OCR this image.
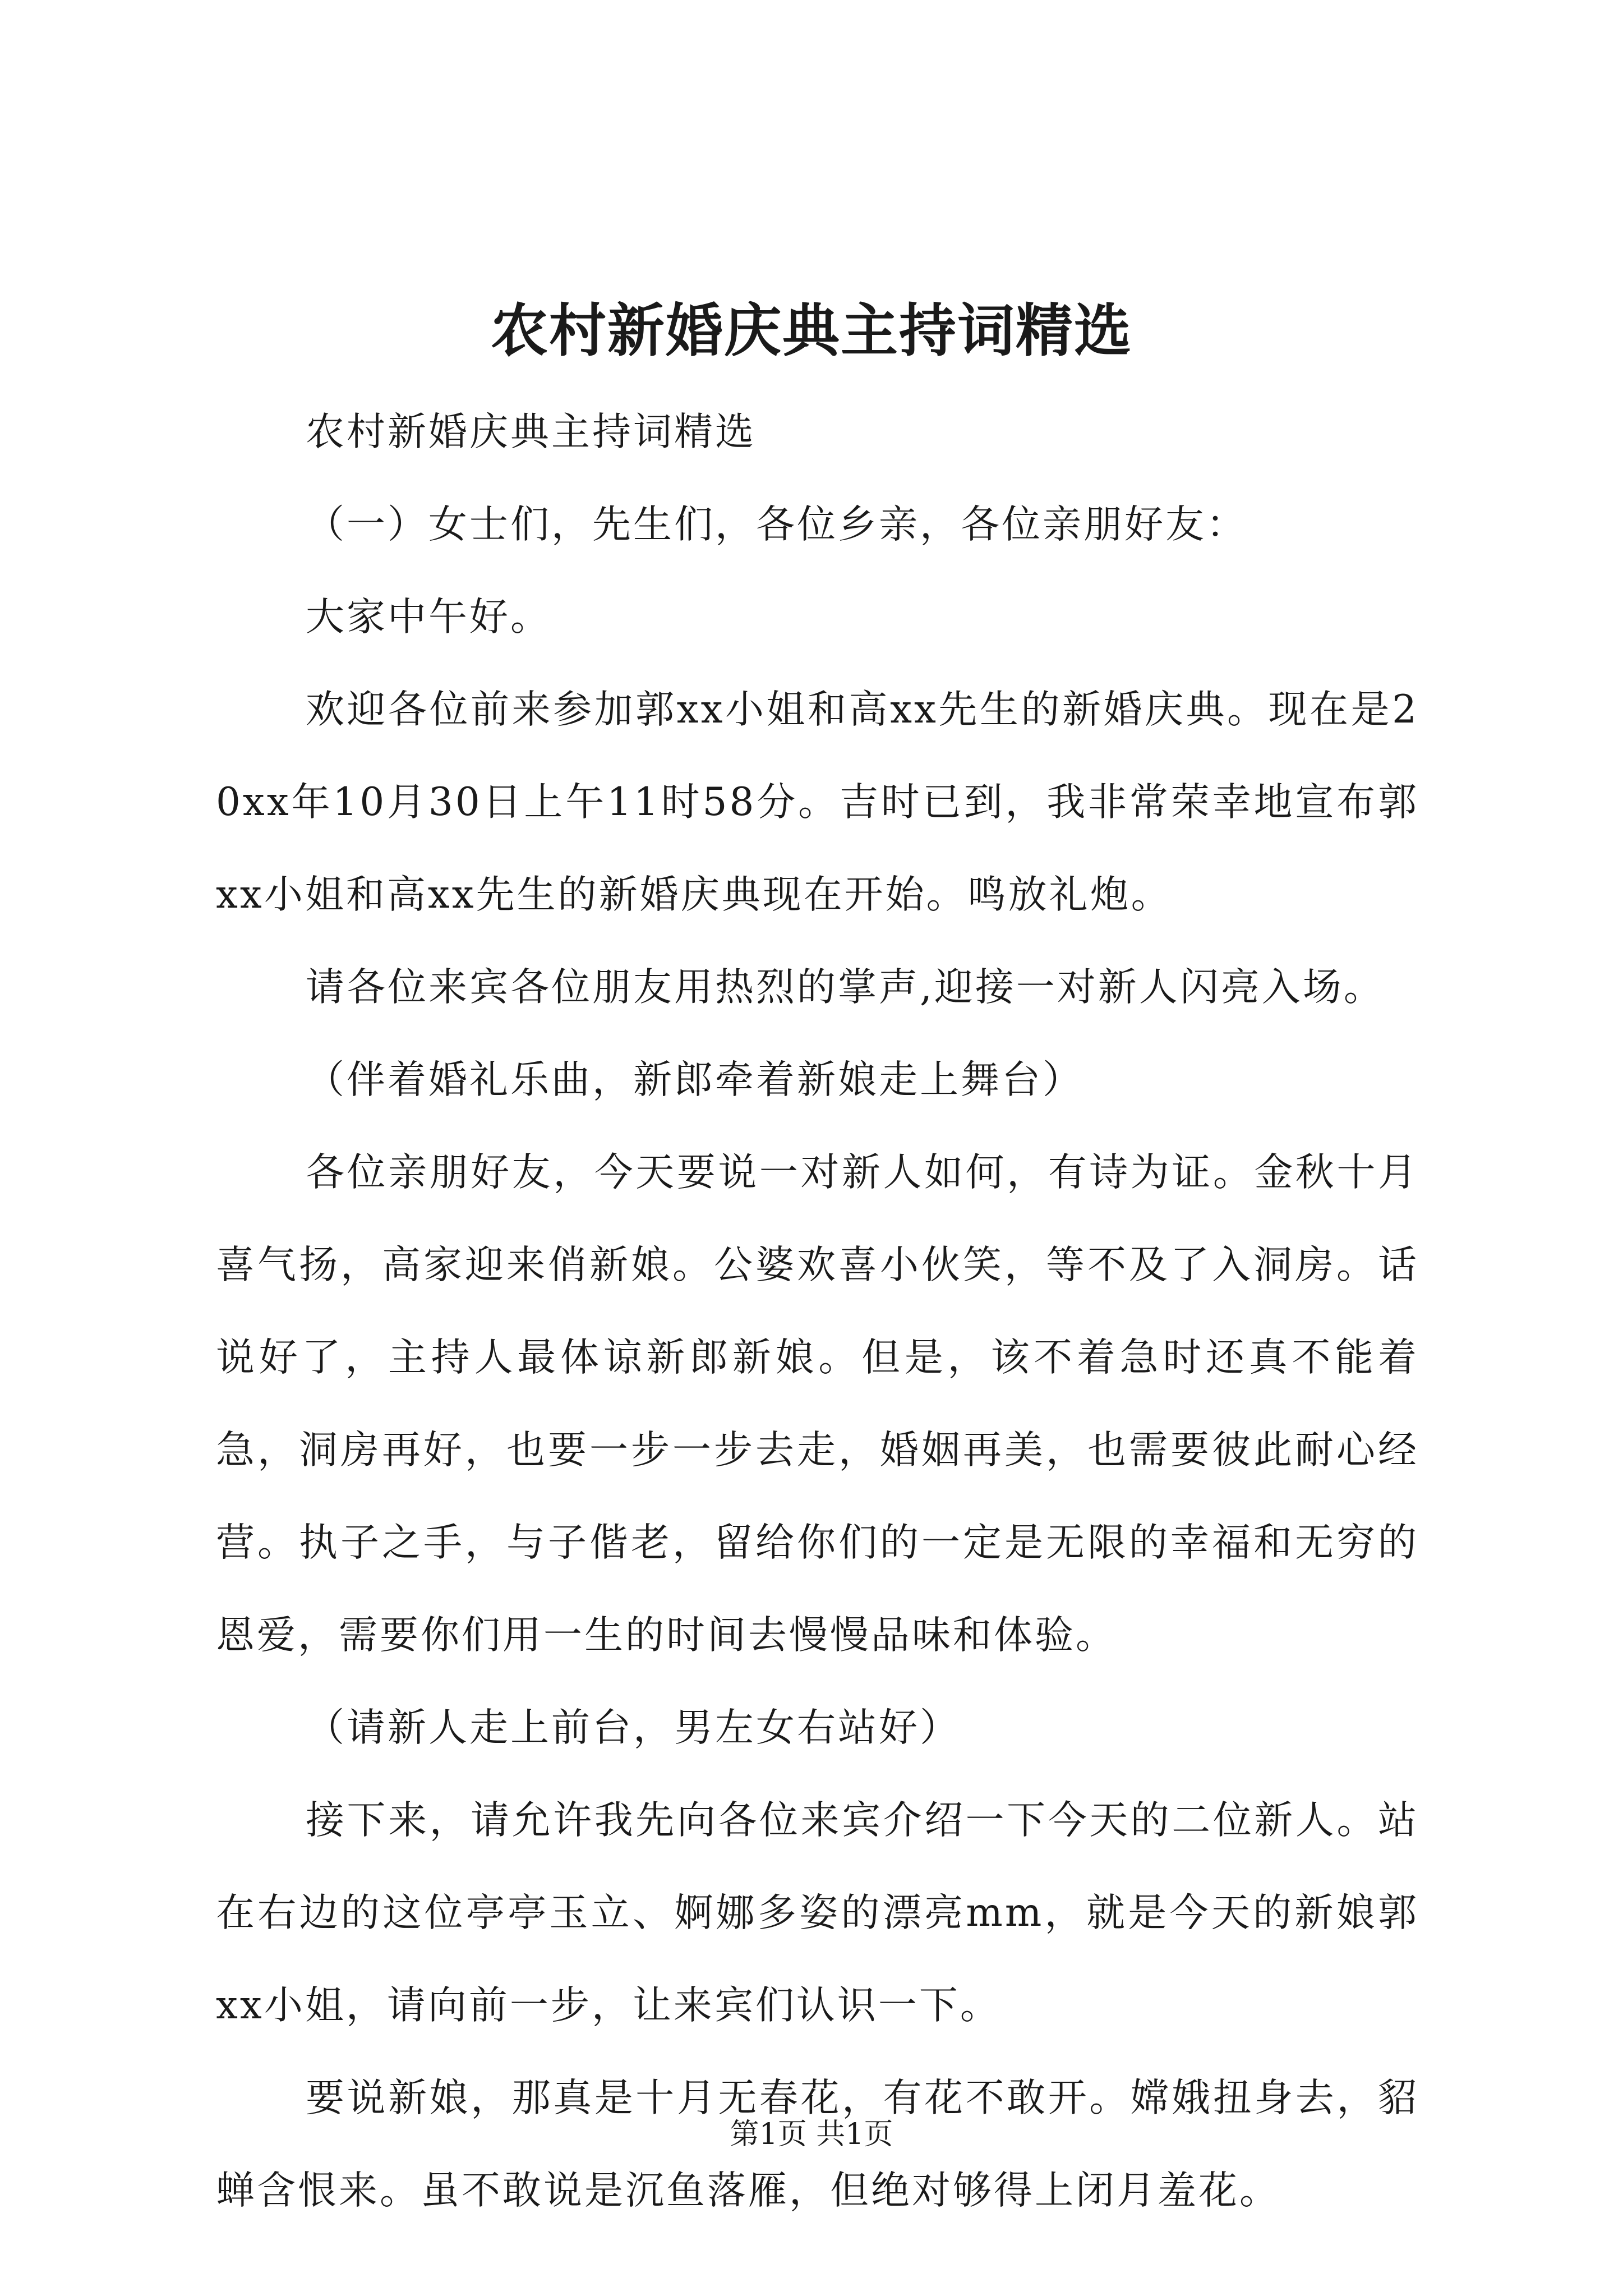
农村新婚庆典主持词精选

农村新婚庆典主持词精选

（一）女士们，先生们，各位乡亲，各位亲朋好友：

大家中午好。

欢迎各位前来参加郭xx小姐和高xx先生的新婚庆典。现在是20xx年10月30日上午11时58分。吉时已到，我非常荣幸地宣布郭xx小姐和高xx先生的新婚庆典现在开始。鸣放礼炮。

请各位来宾各位朋友用热烈的掌声,迎接一对新人闪亮入场。

（伴着婚礼乐曲，新郎牵着新娘走上舞台）

各位亲朋好友，今天要说一对新人如何，有诗为证。金秋十月喜气扬，高家迎来俏新娘。公婆欢喜小伙笑，等不及了入洞房。话说好了，主持人最体谅新郎新娘。但是，该不着急时还真不能着急，洞房再好，也要一步一步去走，婚姻再美，也需要彼此耐心经营。执子之手，与子偕老，留给你们的一定是无限的幸福和无穷的恩爱，需要你们用一生的时间去慢慢品味和体验。

（请新人走上前台，男左女右站好）

接下来，请允许我先向各位来宾介绍一下今天的二位新人。站在右边的这位亭亭玉立、婀娜多姿的漂亮mm，就是今天的新娘郭xx小姐，请向前一步，让来宾们认识一下。

要说新娘，那真是十月无春花，有花不敢开。嫦娥扭身去，貂蝉含恨来。虽不敢说是沉鱼落雁，但绝对够得上闭月羞花。

第1页 共1页
